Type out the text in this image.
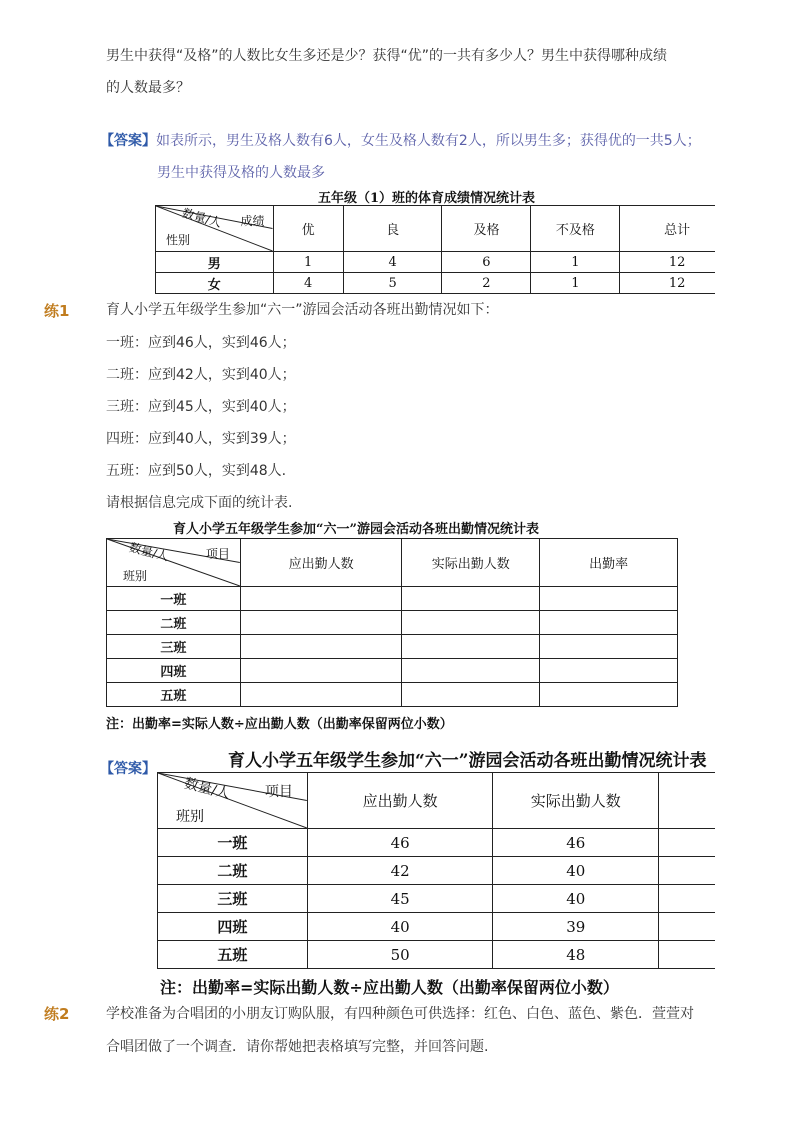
男生中获得“及格”的人数比女生多还是少？获得“优”的一共有多少人？男生中获得哪种成绩
的人数最多？
【答案】如表所示，男生及格人数有6人，女生及格人数有2人，所以男生多；获得优的一共5人；
男生中获得及格的人数最多
五年级（1）班的体育成绩情况统计表
成绩
数量/人
性别	优	良	及格	不及格	总计
男	1	4	6	1	12
女	4	5	2	1	12
练1	育人小学五年级学生参加“六一”游园会活动各班出勤情况如下：
一班：应到46人，实到46人；
二班：应到42人，实到40人；
三班：应到45人，实到40人；
四班：应到40人，实到39人；
五班：应到50人，实到48人.
请根据信息完成下面的统计表.
育人小学五年级学生参加“六一”游园会活动各班出勤情况统计表
项目
数量/人
班别	应出勤人数	实际出勤人数	出勤率
一班			
二班			
三班			
四班			
五班			
注：出勤率=实际人数÷应出勤人数（出勤率保留两位小数）
【答案】	育人小学五年级学生参加“六一”游园会活动各班出勤情况统计表
项目
数量/人
班别	应出勤人数	实际出勤人数	
一班	46	46	
二班	42	40	
三班	45	40	
四班	40	39	
五班	50	48	
注：出勤率=实际出勤人数÷应出勤人数（出勤率保留两位小数）
练2	学校准备为合唱团的小朋友订购队服，有四种颜色可供选择：红色、白色、蓝色、紫色．萱萱对
合唱团做了一个调查．请你帮她把表格填写完整，并回答问题.
